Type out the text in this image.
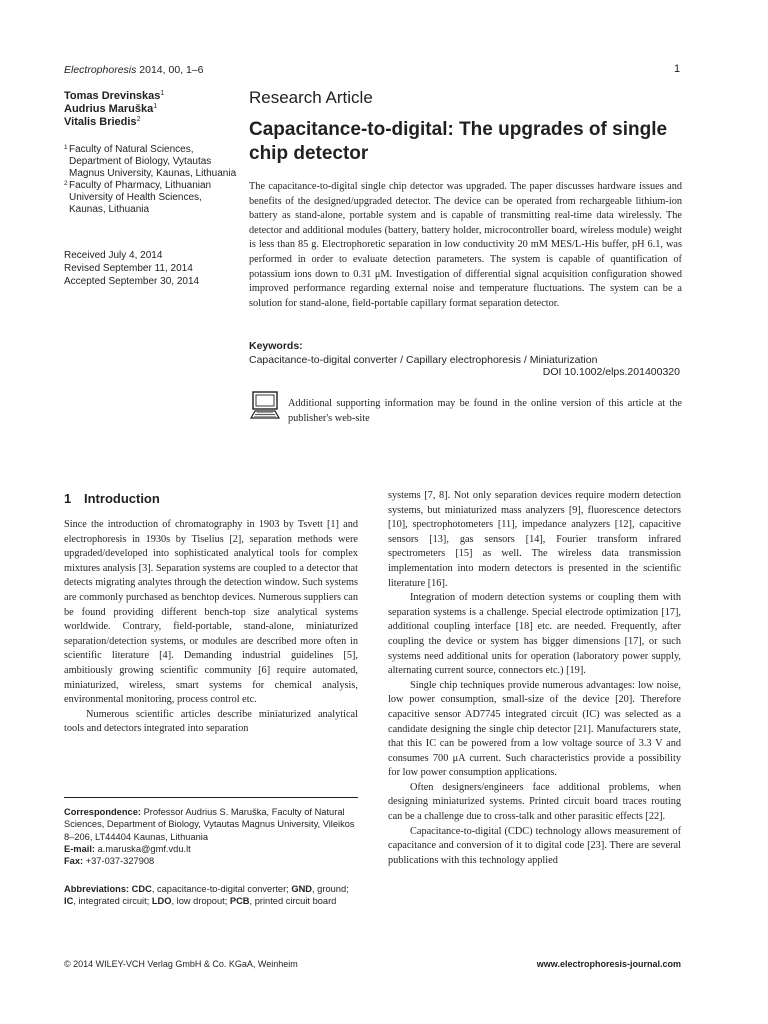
Electrophoresis 2014, 00, 1–6	1
Tomas Drevinskas$^1$
Audrius Maruška$^1$
Vitalis Briedis$^2$
1 Faculty of Natural Sciences, Department of Biology, Vytautas Magnus University, Kaunas, Lithuania
2 Faculty of Pharmacy, Lithuanian University of Health Sciences, Kaunas, Lithuania
Received July 4, 2014
Revised September 11, 2014
Accepted September 30, 2014
Research Article
Capacitance-to-digital: The upgrades of single chip detector
The capacitance-to-digital single chip detector was upgraded. The paper discusses hardware issues and benefits of the designed/upgraded detector. The device can be operated from rechargeable lithium-ion battery as stand-alone, portable system and is capable of transmitting real-time data wirelessly. The detector and additional modules (battery, battery holder, microcontroller board, wireless module) weight is less than 85 g. Electrophoretic separation in low conductivity 20 mM MES/L-His buffer, pH 6.1, was performed in order to evaluate detection parameters. The system is capable of quantification of potassium ions down to 0.31 μM. Investigation of differential signal acquisition configuration showed improved performance regarding external noise and temperature fluctuations. The system can be a solution for stand-alone, field-portable capillary format separation detector.
Keywords:
Capacitance-to-digital converter / Capillary electrophoresis / Miniaturization
DOI 10.1002/elps.201400320
Additional supporting information may be found in the online version of this article at the publisher's web-site
1 Introduction

Since the introduction of chromatography in 1903 by Tsvett [1] and electrophoresis in 1930s by Tiselius [2], separation methods were upgraded/developed into sophisticated analytical tools for complex mixtures analysis [3]. Separation systems are coupled to a detector that detects migrating analytes through the detection window. Such systems are commonly purchased as benchtop devices. Numerous suppliers can be found providing different bench-top size analytical systems worldwide. Contrary, field-portable, stand-alone, miniaturized separation/detection systems, or modules are described more often in scientific literature [4]. Demanding industrial guidelines [5], ambitiously growing scientific community [6] require automated, miniaturized, wireless, smart systems for chemical analysis, environmental monitoring, process control etc.

Numerous scientific articles describe miniaturized analytical tools and detectors integrated into separation

systems [7, 8]. Not only separation devices require modern detection systems, but miniaturized mass analyzers [9], fluorescence detectors [10], spectrophotometers [11], impedance analyzers [12], capacitive sensors [13], gas sensors [14], Fourier transform infrared spectrometers [15] as well. The wireless data transmission implementation into modern detectors is presented in the scientific literature [16].

Integration of modern detection systems or coupling them with separation systems is a challenge. Special electrode optimization [17], additional coupling interface [18] etc. are needed. Frequently, after coupling the device or system has bigger dimensions [17], or such systems need additional units for operation (laboratory power supply, alternating current source, connectors etc.) [19].

Single chip techniques provide numerous advantages: low noise, low power consumption, small-size of the device [20]. Therefore capacitive sensor AD7745 integrated circuit (IC) was selected as a candidate designing the single chip detector [21]. Manufacturers state, that this IC can be powered from a low voltage source of 3.3 V and consumes 700 μA current. Such characteristics provide a possibility for low power consumption applications.

Often designers/engineers face additional problems, when designing miniaturized systems. Printed circuit board traces routing can be a challenge due to cross-talk and other parasitic effects [22].

Capacitance-to-digital (CDC) technology allows measurement of capacitance and conversion of it to digital code [23]. There are several publications with this technology applied

Correspondence: Professor Audrius S. Maruška, Faculty of Natural Sciences, Department of Biology, Vytautas Magnus University, Vileikos 8–206, LT44404 Kaunas, Lithuania
E-mail: a.maruska@gmf.vdu.lt
Fax: +37-037-327908
Abbreviations: CDC, capacitance-to-digital converter; GND, ground; IC, integrated circuit; LDO, low dropout; PCB, printed circuit board
© 2014 WILEY-VCH Verlag GmbH & Co. KGaA, Weinheim	www.electrophoresis-journal.com
